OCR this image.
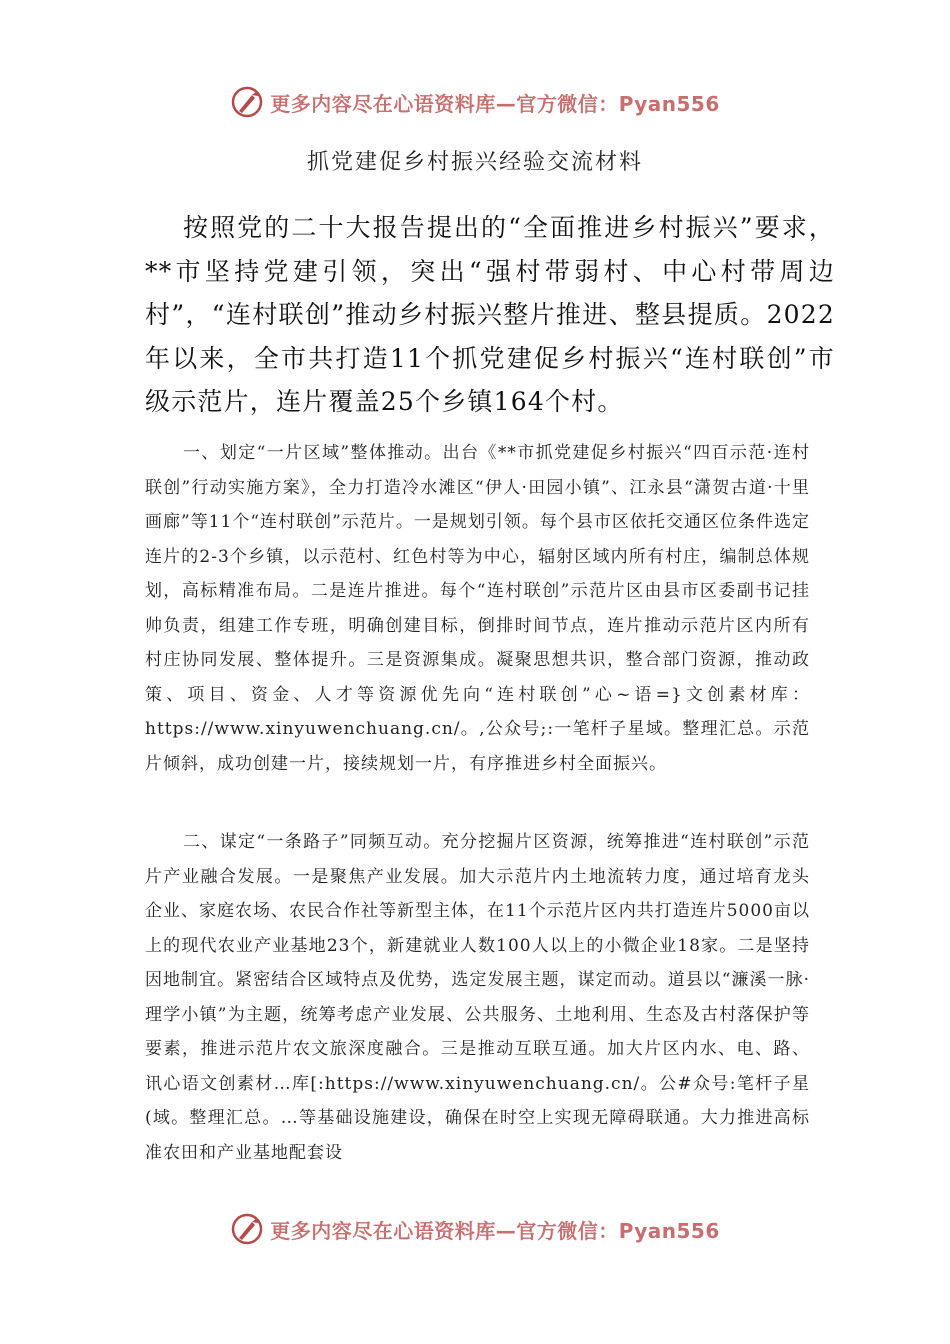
更多内容尽在心语资料库—官方微信：Pyan556
抓党建促乡村振兴经验交流材料

按照党的二十大报告提出的“全面推进乡村振兴”要求，**市坚持党建引领，突出“强村带弱村、中心村带周边村”，“连村联创”推动乡村振兴整片推进、整县提质。2022年以来，全市共打造11个抓党建促乡村振兴“连村联创”市级示范片，连片覆盖25个乡镇164个村。

一、划定“一片区域”整体推动。出台《**市抓党建促乡村振兴“四百示范·连村联创”行动实施方案》，全力打造冷水滩区“伊人·田园小镇”、江永县“潇贺古道·十里画廊”等11个“连村联创”示范片。一是规划引领。每个县市区依托交通区位条件选定连片的2-3个乡镇，以示范村、红色村等为中心，辐射区域内所有村庄，编制总体规划，高标精准布局。二是连片推进。每个“连村联创”示范片区由县市区委副书记挂帅负责，组建工作专班，明确创建目标，倒排时间节点，连片推动示范片区内所有村庄协同发展、整体提升。三是资源集成。凝聚思想共识，整合部门资源，推动政策、项目、资金、人才等资源优先向“连村联创”心~语=}文创素材库：https://www.xinyuwenchuang.cn/。,公众号;:一笔杆子星域。整理汇总。示范片倾斜，成功创建一片，接续规划一片，有序推进乡村全面振兴。

二、谋定“一条路子”同频互动。充分挖掘片区资源，统筹推进“连村联创”示范片产业融合发展。一是聚焦产业发展。加大示范片内土地流转力度，通过培育龙头企业、家庭农场、农民合作社等新型主体，在11个示范片区内共打造连片5000亩以上的现代农业产业基地23个，新建就业人数100人以上的小微企业18家。二是坚持因地制宜。紧密结合区域特点及优势，选定发展主题，谋定而动。道县以“濂溪一脉·理学小镇”为主题，统筹考虑产业发展、公共服务、土地利用、生态及古村落保护等要素，推进示范片农文旅深度融合。三是推动互联互通。加大片区内水、电、路、讯心语文创素材…库[:https://www.xinyuwenchuang.cn/。公#众号:笔杆子星(域。整理汇总。…等基础设施建设，确保在时空上实现无障碍联通。大力推进高标准农田和产业基地配套设

更多内容尽在心语资料库—官方微信：Pyan556
